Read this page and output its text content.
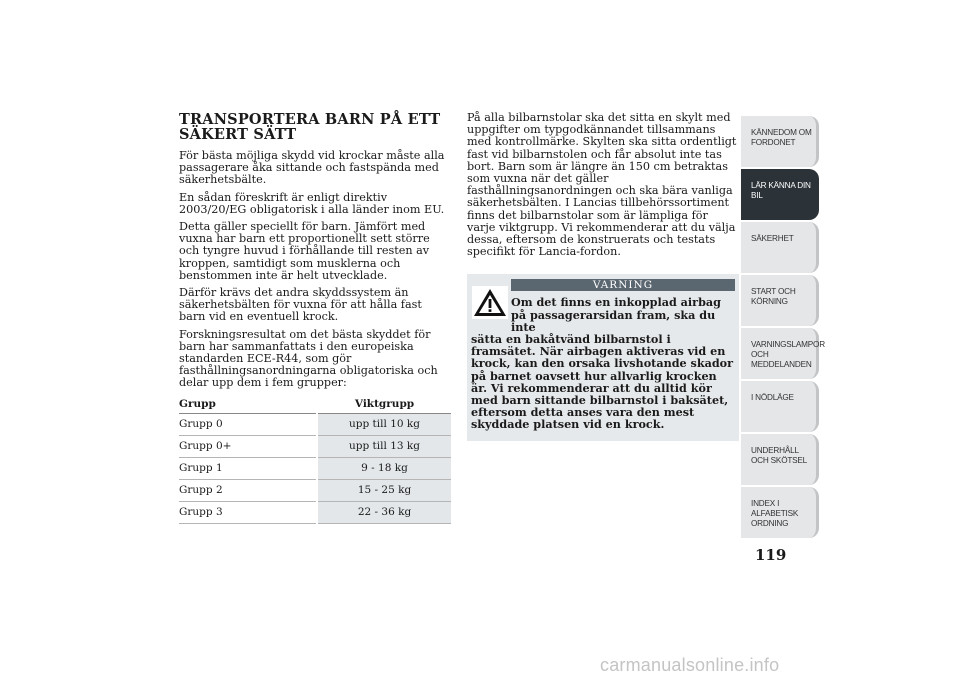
TRANSPORTERA BARN PÅ ETT
SÄKERT SÄTT

För bästa möjliga skydd vid krockar måste alla passagerare åka sittande och fastspända med säkerhetsbälte.

En sådan föreskrift är enligt direktiv 2003/20/EG obligatorisk i alla länder inom EU.

Detta gäller speciellt för barn. Jämfört med vuxna har barn ett proportionellt sett större och tyngre huvud i förhållande till resten av kroppen, samtidigt som musklerna och benstommen inte är helt utvecklade.

Därför krävs det andra skyddssystem än säkerhetsbälten för vuxna för att hålla fast barn vid en eventuell krock.

Forskningsresultat om det bästa skyddet för barn har sammanfattats i den europeiska standarden ECE-R44, som gör fasthållningsanordningarna obligatoriska och delar upp dem i fem grupper:

Grupp	Viktgrupp
Grupp 0	upp till 10 kg
Grupp 0+	upp till 13 kg
Grupp 1	9 - 18 kg
Grupp 2	15 - 25 kg
Grupp 3	22 - 36 kg

På alla bilbarnstolar ska det sitta en skylt med uppgifter om typgodkännandet tillsammans med kontrollmärke. Skylten ska sitta ordentligt fast vid bilbarnstolen och får absolut inte tas bort. Barn som är längre än 150 cm betraktas som vuxna när det gäller fasthållningsanordningen och ska bära vanliga säkerhetsbälten. I Lancias tillbehörssortiment finns det bilbarnstolar som är lämpliga för varje viktgrupp. Vi rekommenderar att du välja dessa, eftersom de konstruerats och testats specifikt för Lancia-fordon.

VARNING
Om det finns en inkopplad airbag på passagerarsidan fram, ska du inte
sätta en bakåtvänd bilbarnstol i framsätet. När airbagen aktiveras vid en krock, kan den orsaka livshotande skador på barnet oavsett hur allvarlig krocken är. Vi rekommenderar att du alltid kör med barn sittande bilbarnstol i baksätet, eftersom detta anses vara den mest skyddade platsen vid en krock.
KÄNNEDOM OM FORDONET
LÄR KÄNNA DIN BIL
SÄKERHET
START OCH KÖRNING
VARNINGSLAMPOR OCH MEDDELANDEN
I NÖDLÄGE
UNDERHÅLL OCH SKÖTSEL
INDEX I ALFABETISK ORDNING
119
carmanualsonline.info
